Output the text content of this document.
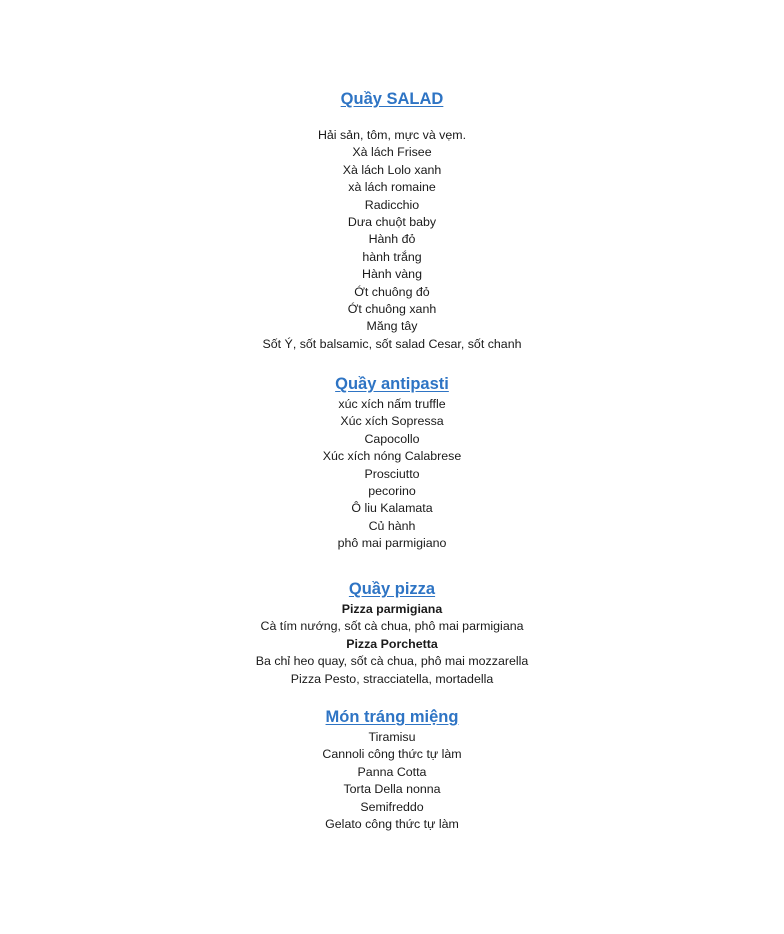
Quầy SALAD
Hải sản, tôm, mực và vẹm.
Xà lách Frisee
Xà lách Lolo xanh
xà lách romaine
Radicchio
Dưa chuột baby
Hành đỏ
hành trắng
Hành vàng
Ớt chuông đỏ
Ớt chuông xanh
Măng tây
Sốt Ý, sốt balsamic, sốt salad Cesar, sốt chanh
Quầy antipasti
xúc xích nấm truffle
Xúc xích Sopressa
Capocollo
Xúc xích nóng Calabrese
Prosciutto
pecorino
Ô liu Kalamata
Củ hành
phô mai parmigiano
Quầy pizza
Pizza parmigiana
Cà tím nướng, sốt cà chua, phô mai parmigiana
Pizza Porchetta
Ba chỉ heo quay, sốt cà chua, phô mai mozzarella
Pizza Pesto, stracciatella, mortadella
Món tráng miệng
Tiramisu
Cannoli công thức tự làm
Panna Cotta
Torta Della nonna
Semifreddo
Gelato công thức tự làm
